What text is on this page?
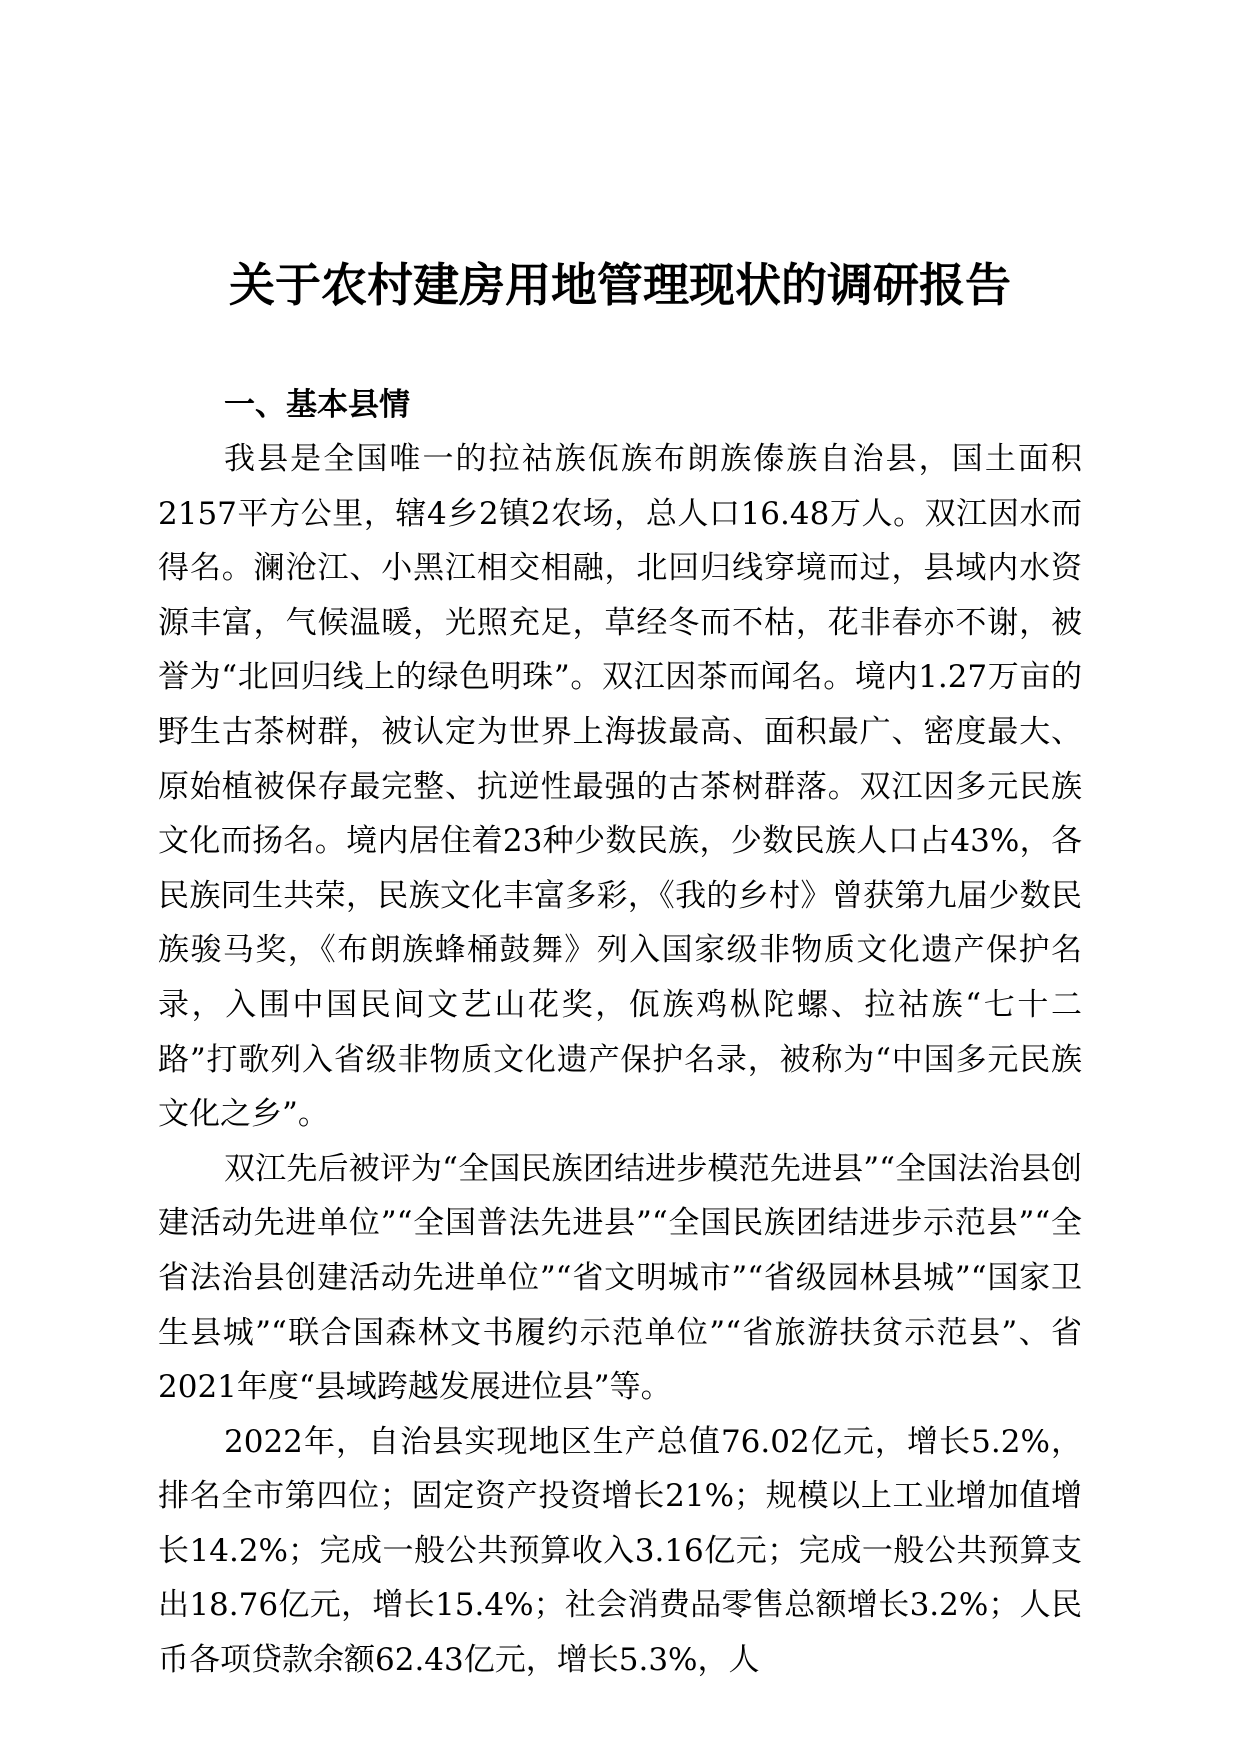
关于农村建房用地管理现状的调研报告
一、基本县情

我县是全国唯一的拉祜族佤族布朗族傣族自治县，国土面积2157平方公里，辖4乡2镇2农场，总人口16.48万人。双江因水而得名。澜沧江、小黑江相交相融，北回归线穿境而过，县域内水资源丰富，气候温暖，光照充足，草经冬而不枯，花非春亦不谢，被誉为“北回归线上的绿色明珠”。双江因茶而闻名。境内1.27万亩的野生古茶树群，被认定为世界上海拔最高、面积最广、密度最大、原始植被保存最完整、抗逆性最强的古茶树群落。双江因多元民族文化而扬名。境内居住着23种少数民族，少数民族人口占43%，各民族同生共荣，民族文化丰富多彩，《我的乡村》曾获第九届少数民族骏马奖，《布朗族蜂桶鼓舞》列入国家级非物质文化遗产保护名录，入围中国民间文艺山花奖，佤族鸡枞陀螺、拉祜族“七十二路”打歌列入省级非物质文化遗产保护名录，被称为“中国多元民族文化之乡”。

双江先后被评为“全国民族团结进步模范先进县”“全国法治县创建活动先进单位”“全国普法先进县”“全国民族团结进步示范县”“全省法治县创建活动先进单位”“省文明城市”“省级园林县城”“国家卫生县城”“联合国森林文书履约示范单位”“省旅游扶贫示范县”、省2021年度“县域跨越发展进位县”等。

2022年，自治县实现地区生产总值76.02亿元，增长5.2%，排名全市第四位；固定资产投资增长21%；规模以上工业增加值增长14.2%；完成一般公共预算收入3.16亿元；完成一般公共预算支出18.76亿元，增长15.4%；社会消费品零售总额增长3.2%；人民币各项贷款余额62.43亿元，增长5.3%，人
